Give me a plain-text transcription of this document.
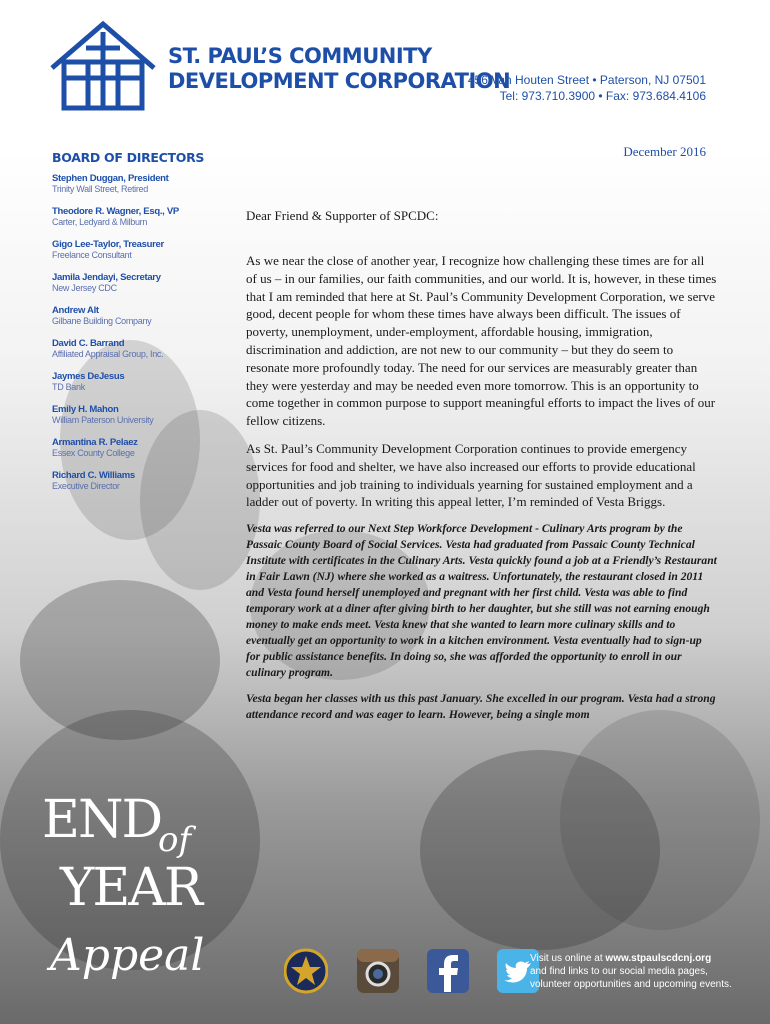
ST. PAUL’S COMMUNITY
DEVELOPMENT CORPORATION
456 Van Houten Street • Paterson, NJ 07501
Tel: 973.710.3900 • Fax: 973.684.4106
December 2016
BOARD OF DIRECTORS
Stephen Duggan, President
Trinity Wall Street, Retired
Theodore R. Wagner, Esq., VP
Carter, Ledyard & Milburn
Gigo Lee-Taylor, Treasurer
Freelance Consultant
Jamila Jendayi, Secretary
New Jersey CDC
Andrew Alt
Gilbane Building Company
David C. Barrand
Affiliated Appraisal Group, Inc.
Jaymes DeJesus
TD Bank
Emily H. Mahon
William Paterson University
Armantina R. Pelaez
Essex County College
Richard C. Williams
Executive Director
Dear Friend & Supporter of SPCDC:

As we near the close of another year, I recognize how challenging these times are for all of us – in our families, our faith communities, and our world. It is, however, in these times that I am reminded that here at St. Paul’s Community Development Corporation, we serve good, decent people for whom these times have always been difficult. The issues of poverty, unemployment, under-employment, affordable housing, immigration, discrimination and addiction, are not new to our community – but they do seem to resonate more profoundly today. The need for our services are measurably greater than they were yesterday and may be needed even more tomorrow. This is an opportunity to come together in common purpose to support meaningful efforts to impact the lives of our fellow citizens.

As St. Paul’s Community Development Corporation continues to provide emergency services for food and shelter, we have also increased our efforts to provide educational opportunities and job training to individuals yearning for sustained employment and a ladder out of poverty. In writing this appeal letter, I’m reminded of Vesta Briggs.

Vesta was referred to our Next Step Workforce Development - Culinary Arts program by the Passaic County Board of Social Services. Vesta had graduated from Passaic County Technical Institute with certificates in the Culinary Arts. Vesta quickly found a job at a Friendly’s Restaurant in Fair Lawn (NJ) where she worked as a waitress. Unfortunately, the restaurant closed in 2011 and Vesta found herself unemployed and pregnant with her first child. Vesta was able to find temporary work at a diner after giving birth to her daughter, but she still was not earning enough money to make ends meet. Vesta knew that she wanted to learn more culinary skills and to eventually get an opportunity to work in a kitchen environment. Vesta eventually had to sign-up for public assistance benefits. In doing so, she was afforded the opportunity to enroll in our culinary program.

Vesta began her classes with us this past January. She excelled in our program. Vesta had a strong attendance record and was eager to learn. However, being a single mom

END
of
YEAR
Appeal	Visit us online at www.stpaulscdcnj.org
and find links to our social media pages,
volunteer opportunities and upcoming events.
